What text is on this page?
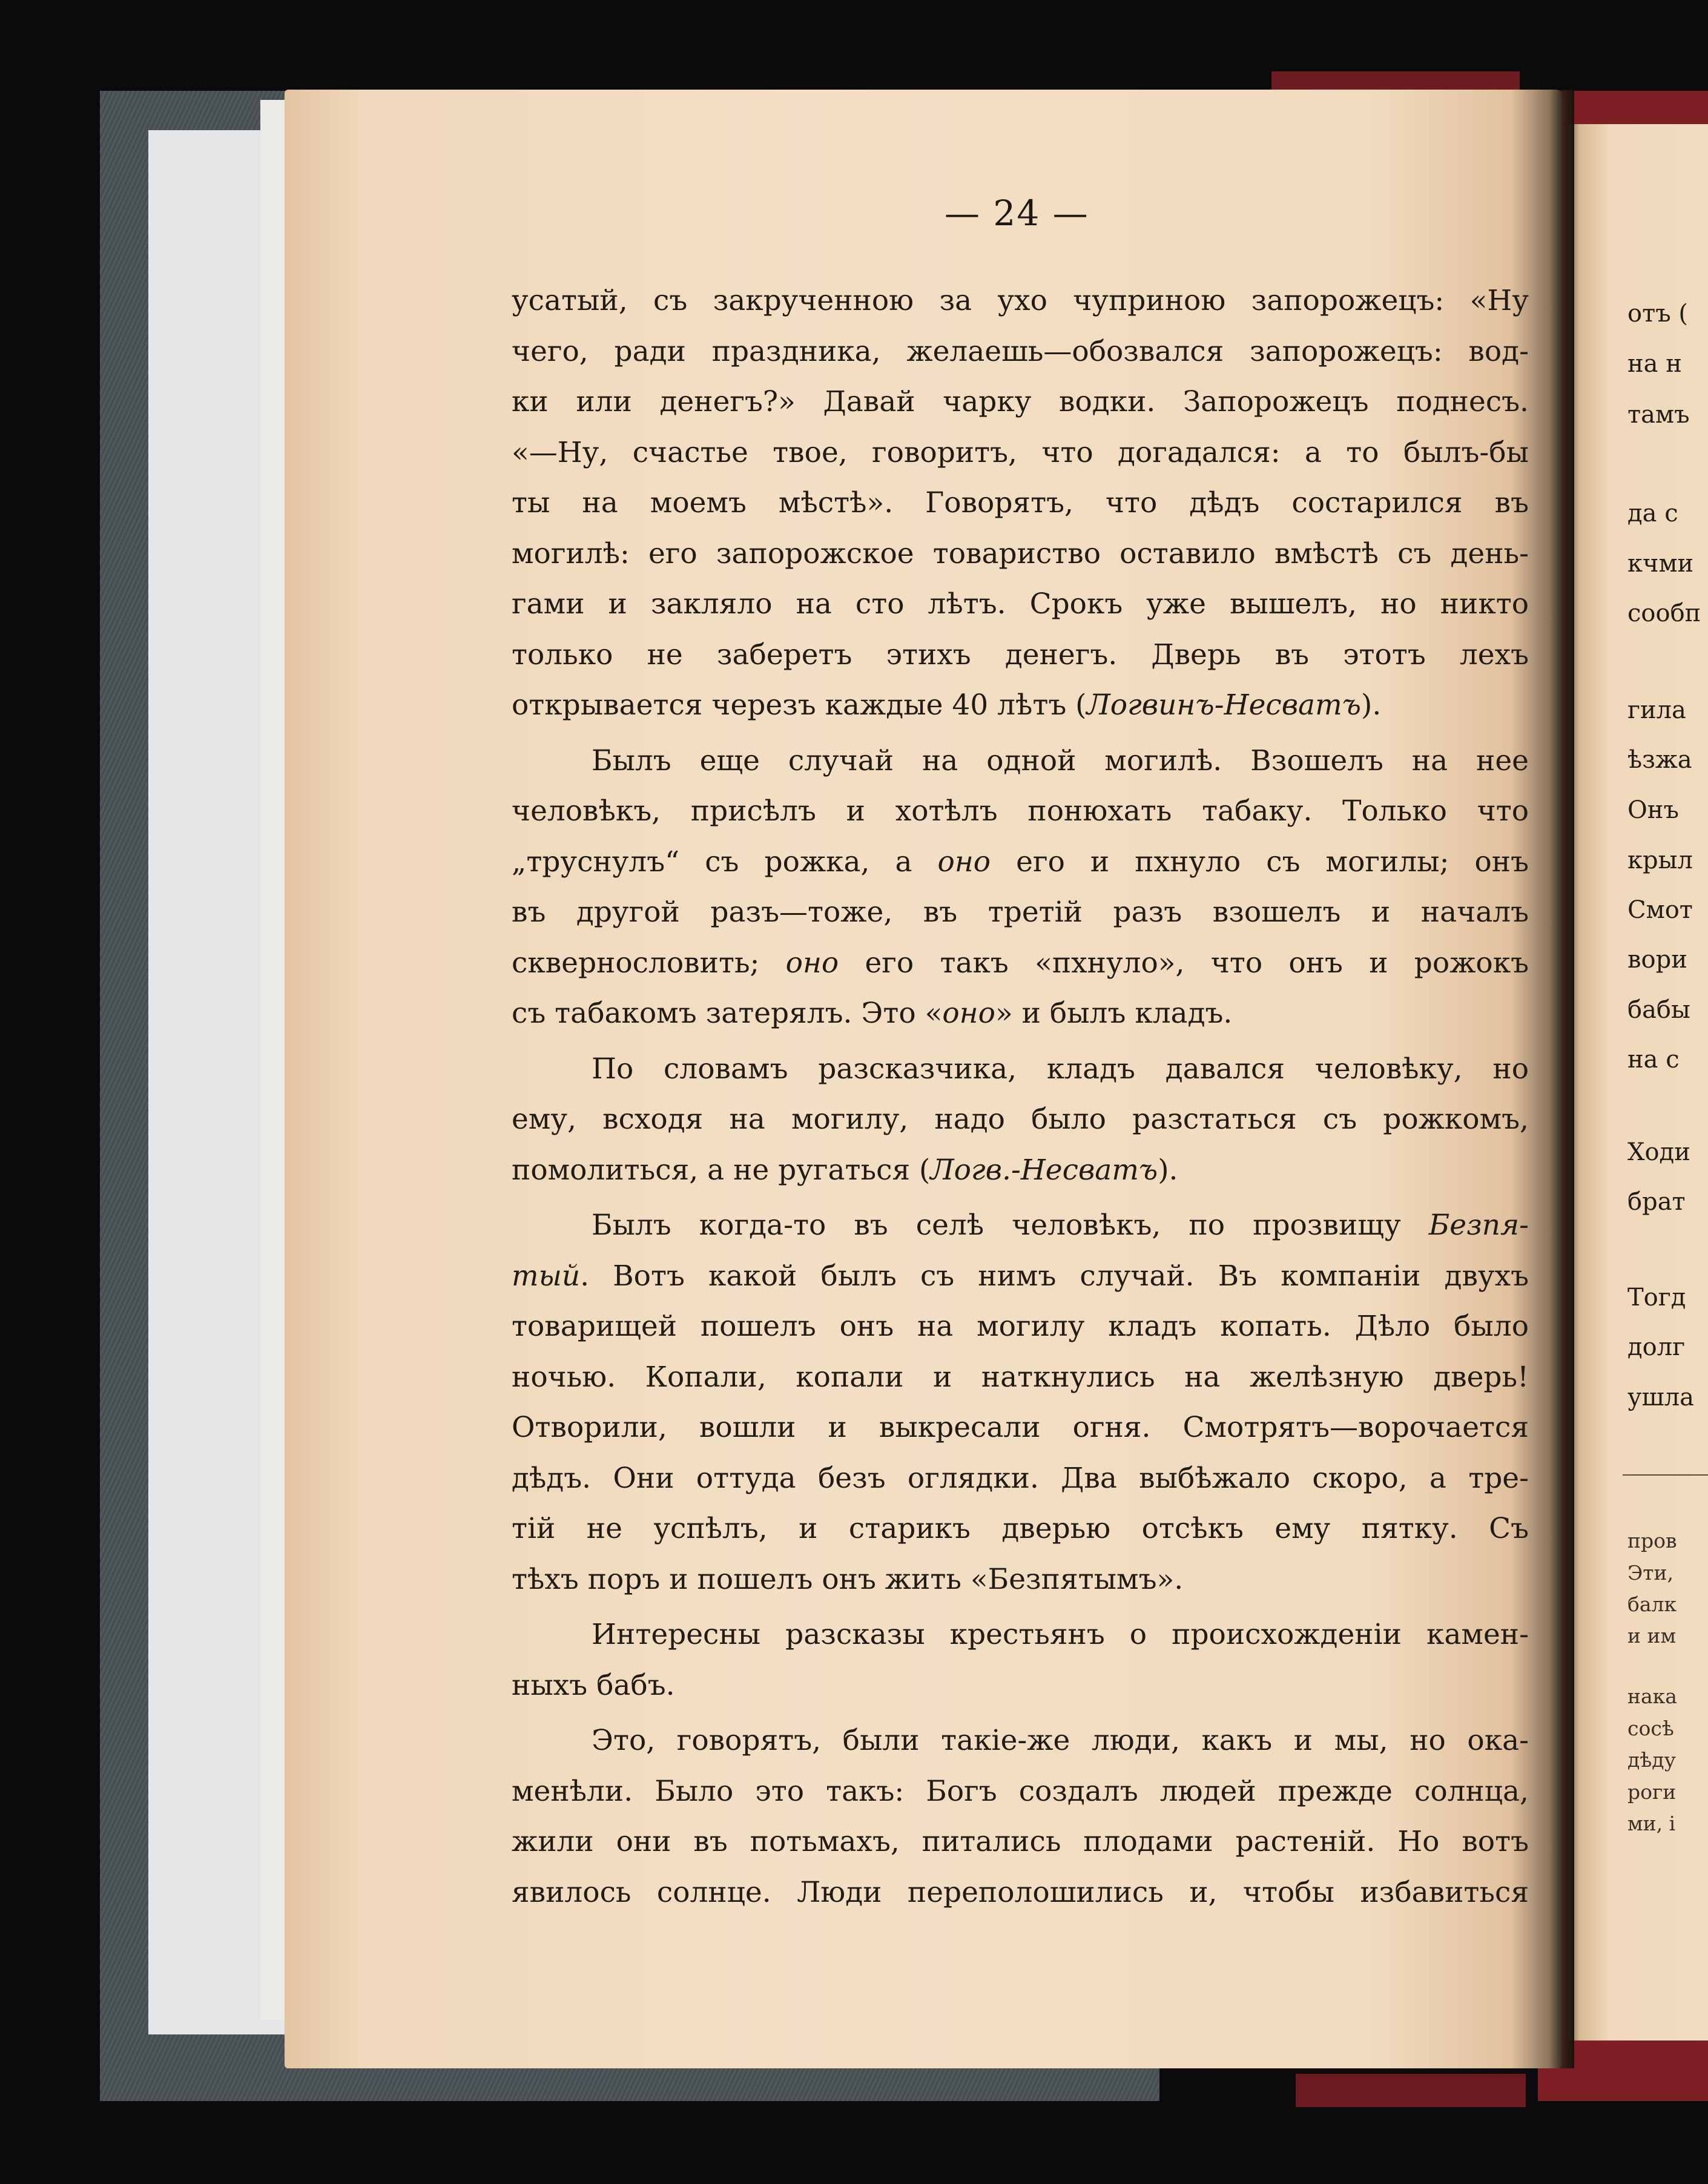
— 24 —

усатый, съ закрученною за ухо чуприною запорожецъ: «Ну

чего, ради праздника, желаешь—обозвался запорожецъ: вод-

ки или денегъ?» Давай чарку водки. Запорожецъ поднесъ.

«—Ну, счастье твое, говоритъ, что догадался: а то былъ-бы

ты на моемъ мѣстѣ». Говорятъ, что дѣдъ состарился въ

могилѣ: его запорожское товариство оставило вмѣстѣ съ день-

гами и заклялo на сто лѣтъ. Срокъ уже вышелъ, но никто

только не заберетъ этихъ денегъ. Дверь въ этотъ лехъ

открывается черезъ каждые 40 лѣтъ (Логвинъ-Несватъ).

Былъ еще случай на одной могилѣ. Взошелъ на нее

человѣкъ, присѣлъ и хотѣлъ понюхать табаку. Только что

„труснулъ“ съ рожка, а оно его и пхнуло съ могилы; онъ

въ другой разъ—тоже, въ третій разъ взошелъ и началъ

сквернословить; оно его такъ «пхнуло», что онъ и рожокъ

съ табакомъ затерялъ. Это «оно» и былъ кладъ.

По словамъ разсказчика, кладъ давался человѣку, но

ему, всходя на могилу, надо было разстаться съ рожкомъ,

помолиться, а не ругаться (Логв.-Несватъ).

Былъ когда-то въ селѣ человѣкъ, по прозвищу Безпя-

тый. Вотъ какой былъ съ нимъ случай. Въ компаніи двухъ

товарищей пошелъ онъ на могилу кладъ копать. Дѣло было

ночью. Копали, копали и наткнулись на желѣзную дверь!

Отворили, вошли и выкресали огня. Смотрятъ—ворочается

дѣдъ. Они оттуда безъ оглядки. Два выбѣжало скоро, а тре-

тій не успѣлъ, и старикъ дверью отсѣкъ ему пятку. Съ

тѣхъ поръ и пошелъ онъ жить «Безпятымъ».

Интересны разсказы крестьянъ о происхожденіи камен-

ныхъ бабъ.

Это, говорятъ, были такіе-же люди, какъ и мы, но ока-

менѣли. Было это такъ: Богъ создалъ людей прежде солнца,

жили они въ потьмахъ, питались плодами растеній. Но вотъ

явилось солнце. Люди переполошились и, чтобы избавиться

отъ (
на н
тамъ
да с
кчми
сообп
гила
ѣзжа
Онъ
крыл
Смот
вори
бабы
на с
Ходи
брат
Тогд
долг
ушла
пров
Эти,
балк
и им
нака
сосѣ
дѣду
роги
ми, і
